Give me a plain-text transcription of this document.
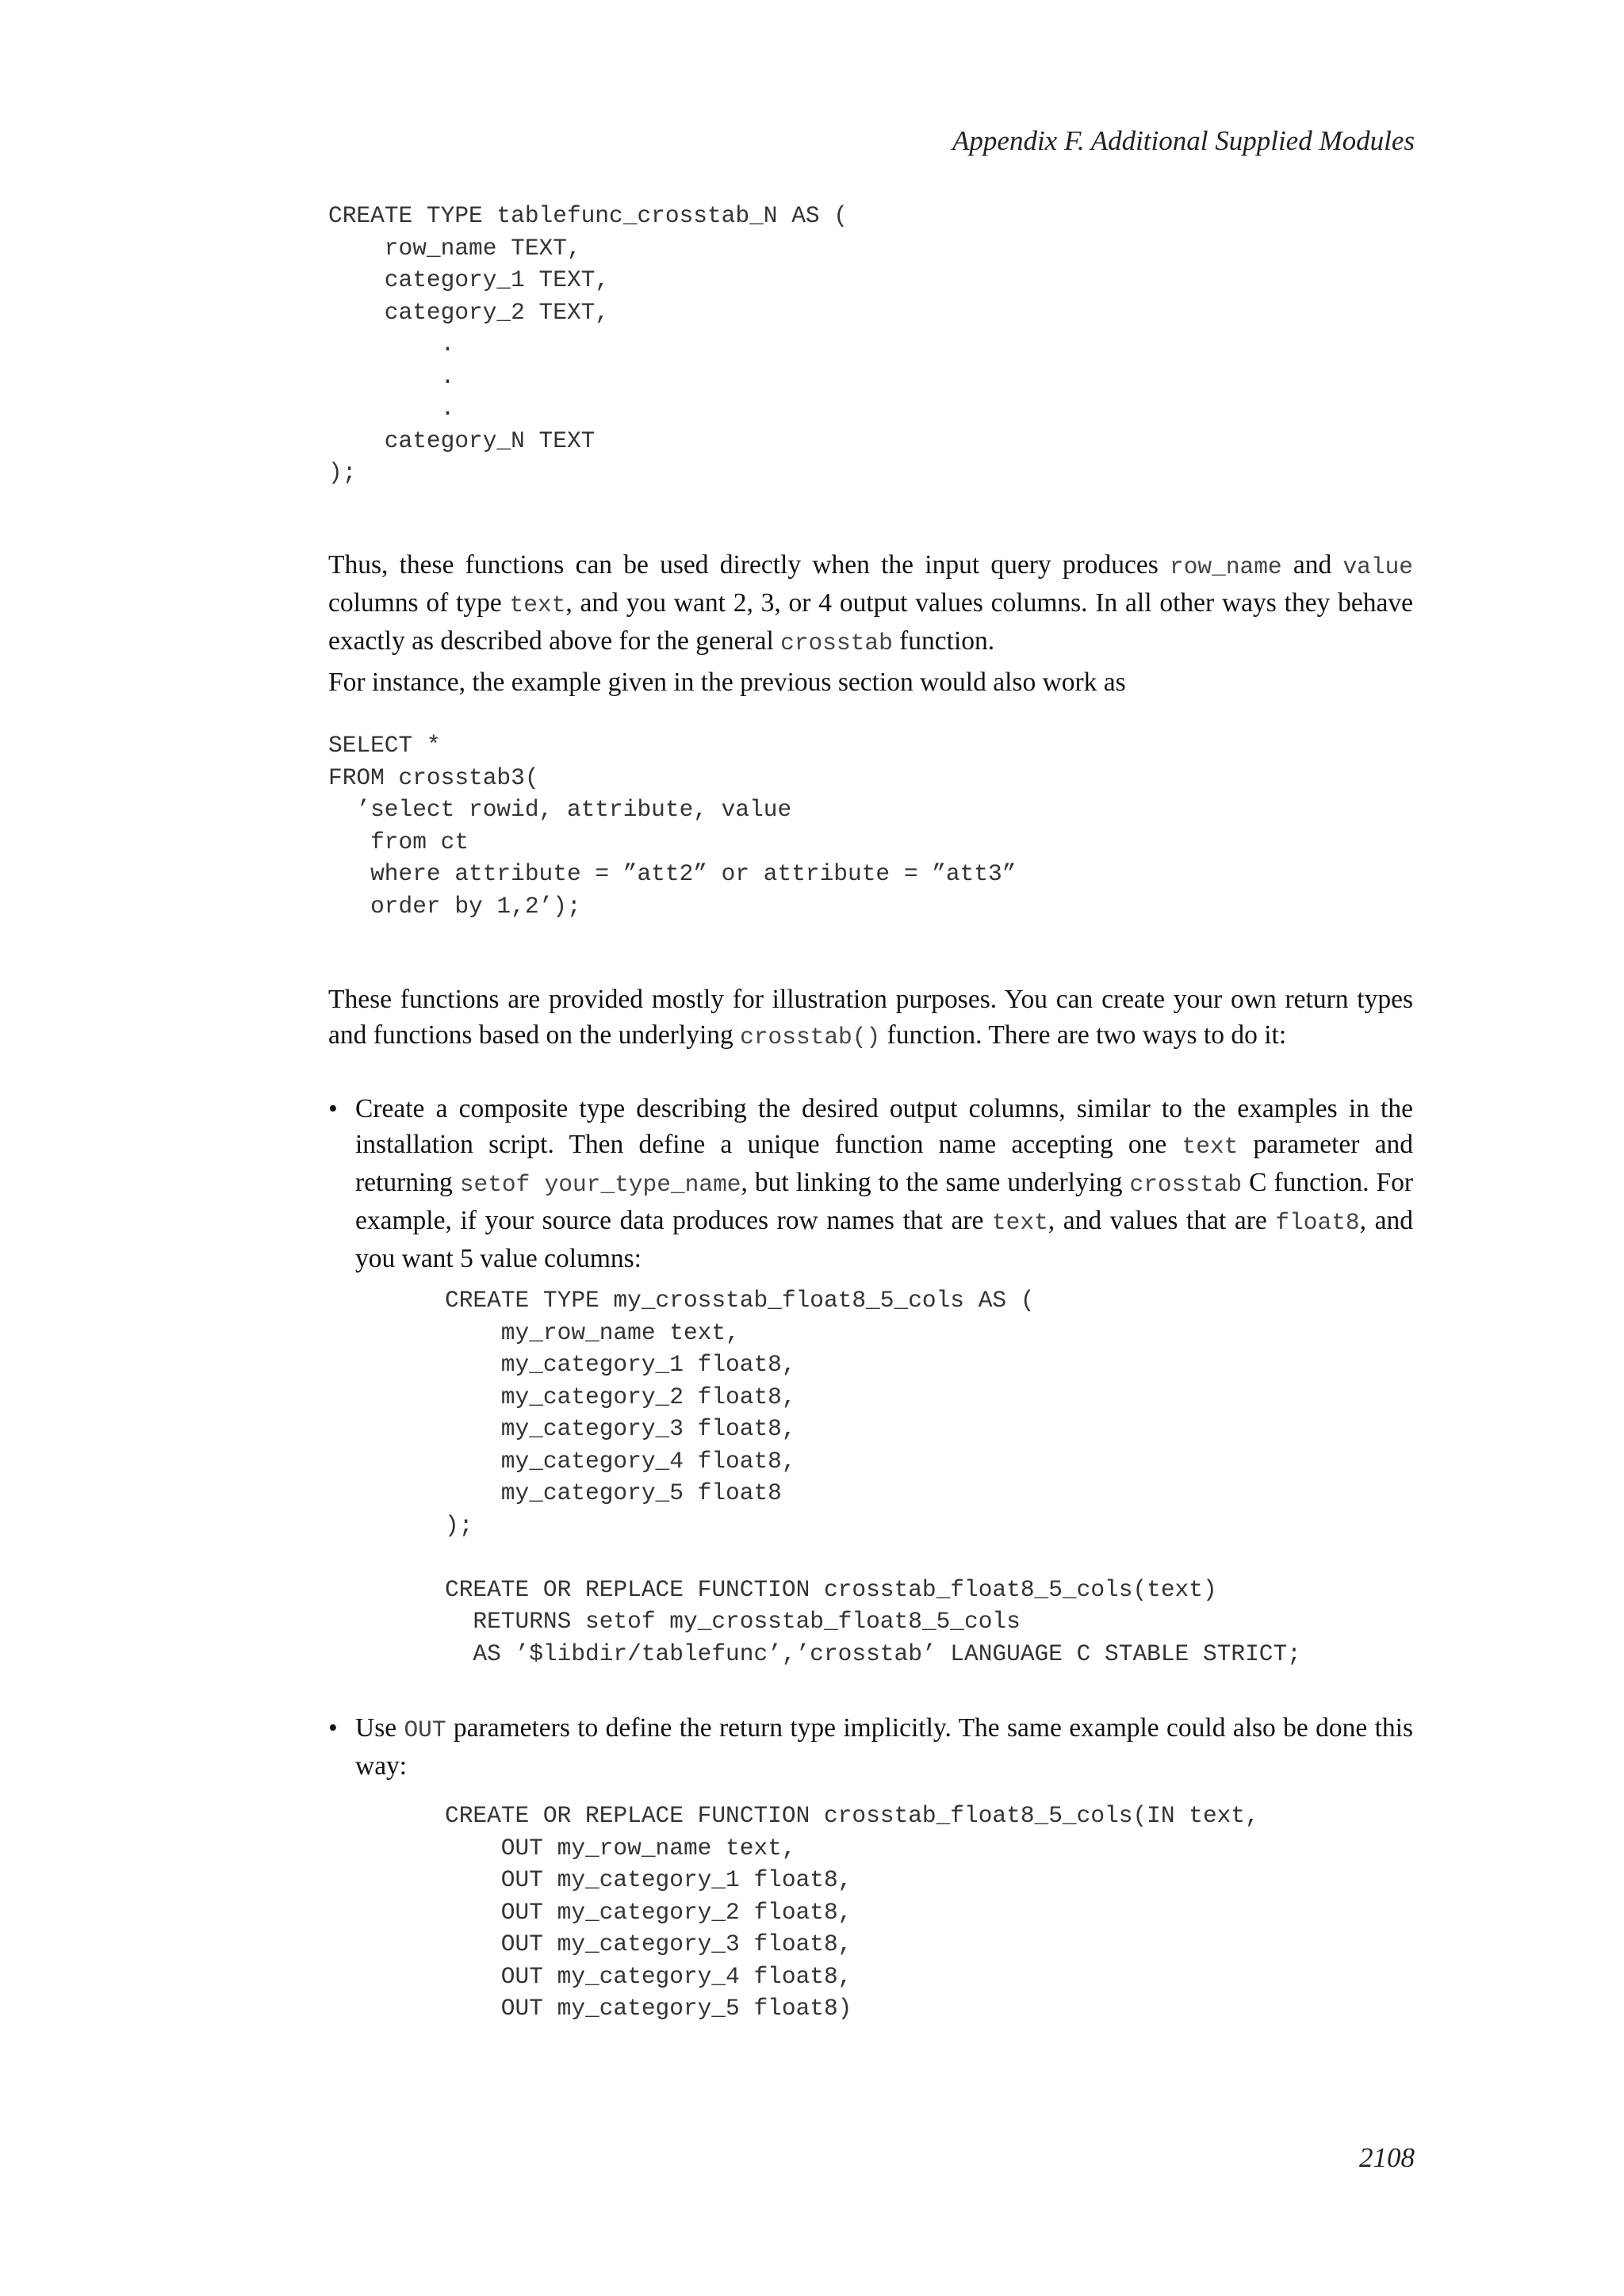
Appendix F. Additional Supplied Modules

CREATE TYPE tablefunc_crosstab_N AS (
row_name TEXT,
category_1 TEXT,
category_2 TEXT,
.
.
.
category_N TEXT
);

Thus, these functions can be used directly when the input query produces row_name and value columns of type text, and you want 2, 3, or 4 output values columns. In all other ways they behave exactly as described above for the general crosstab function.

For instance, the example given in the previous section would also work as

SELECT *
FROM crosstab3(
’select rowid, attribute, value
from ct
where attribute = ”att2” or attribute = ”att3”
order by 1,2’);

These functions are provided mostly for illustration purposes. You can create your own return types and functions based on the underlying crosstab() function. There are two ways to do it:

• Create a composite type describing the desired output columns, similar to the examples in the installation script. Then define a unique function name accepting one text parameter and returning setof your_type_name, but linking to the same underlying crosstab C function. For example, if your source data produces row names that are text, and values that are float8, and you want 5 value columns:

CREATE TYPE my_crosstab_float8_5_cols AS (
my_row_name text,
my_category_1 float8,
my_category_2 float8,
my_category_3 float8,
my_category_4 float8,
my_category_5 float8
);

CREATE OR REPLACE FUNCTION crosstab_float8_5_cols(text)
RETURNS setof my_crosstab_float8_5_cols
AS ’$libdir/tablefunc’,’crosstab’ LANGUAGE C STABLE STRICT;
• Use OUT parameters to define the return type implicitly. The same example could also be done this way:

CREATE OR REPLACE FUNCTION crosstab_float8_5_cols(IN text,
OUT my_row_name text,
OUT my_category_1 float8,
OUT my_category_2 float8,
OUT my_category_3 float8,
OUT my_category_4 float8,
OUT my_category_5 float8)

2108
